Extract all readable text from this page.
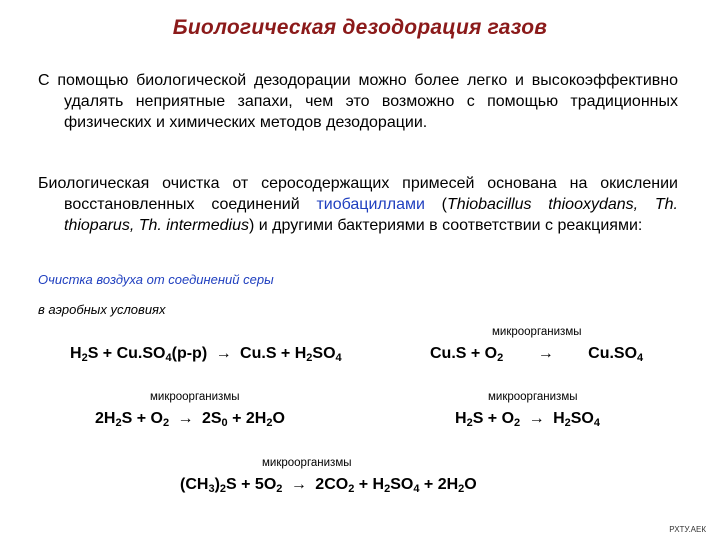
Биологическая дезодорация газов
С помощью биологической дезодорации можно более легко и высокоэффективно удалять неприятные запахи, чем это возможно с помощью традиционных физических и химических методов дезодорации.
Биологическая очистка от серосодержащих примесей основана на окислении восстановленных соединений тиобациллами (Thiobacillus thiooxydans, Th. thioparus, Th. intermedius) и другими бактериями в соответствии с реакциями:
Очистка воздуха от соединений серы
в аэробных условиях
$H_2S + Cu.SO_4(р-р) \to Cu.S + H_2SO_4$
микроорганизмы
$Cu.S + O_2 \to Cu.SO_4$
микроорганизмы
$2H_2S + O_2 \to 2S_0 + 2H_2O$
микроорганизмы
$H_2S + O_2 \to H_2SO_4$
микроорганизмы
$(CH_3)_2S + 5O_2 \to 2CO_2 + H_2SO_4 + 2H_2O$
РХТУ.АЕК
